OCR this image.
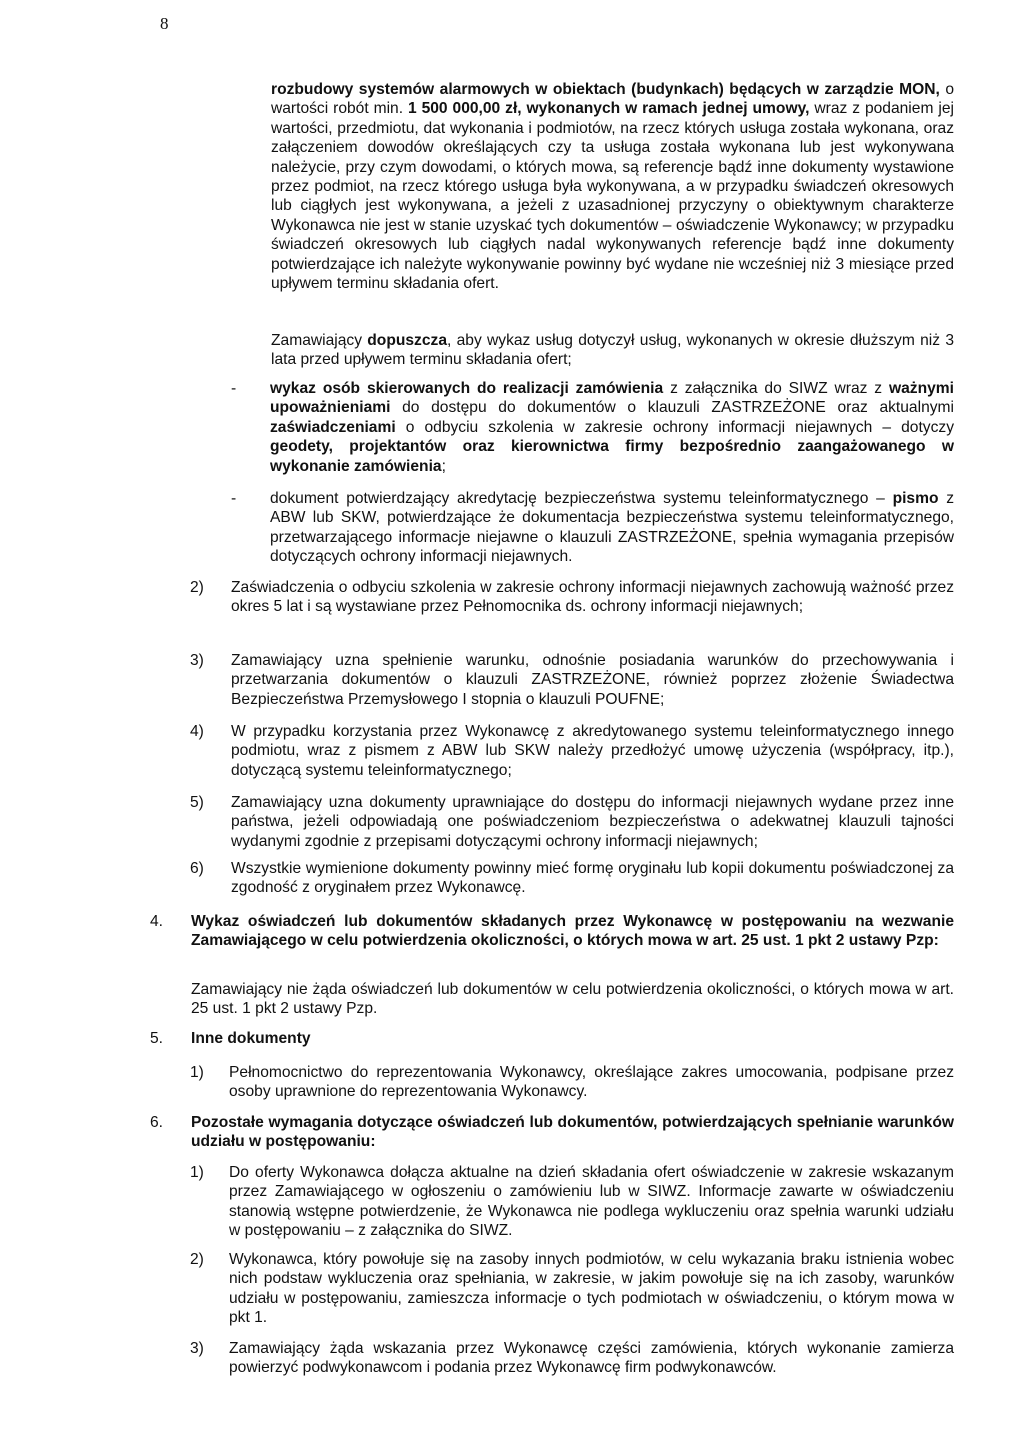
8

rozbudowy systemów alarmowych w obiektach (budynkach) będących w zarządzie MON, o wartości robót min. 1 500 000,00 zł, wykonanych w ramach jednej umowy, wraz z podaniem jej wartości, przedmiotu, dat wykonania i podmiotów, na rzecz których usługa została wykonana, oraz załączeniem dowodów określających czy ta usługa została wykonana lub jest wykonywana należycie, przy czym dowodami, o których mowa, są referencje bądź inne dokumenty wystawione przez podmiot, na rzecz którego usługa była wykonywana, a w przypadku świadczeń okresowych lub ciągłych jest wykonywana, a jeżeli z uzasadnionej przyczyny o obiektywnym charakterze Wykonawca nie jest w stanie uzyskać tych dokumentów – oświadczenie Wykonawcy; w przypadku świadczeń okresowych lub ciągłych nadal wykonywanych referencje bądź inne dokumenty potwierdzające ich należyte wykonywanie powinny być wydane nie wcześniej niż 3 miesiące przed upływem terminu składania ofert.

Zamawiający dopuszcza, aby wykaz usług dotyczył usług, wykonanych w okresie dłuższym niż 3 lata przed upływem terminu składania ofert;

- wykaz osób skierowanych do realizacji zamówienia z załącznika do SIWZ wraz z ważnymi upoważnieniami do dostępu do dokumentów o klauzuli ZASTRZEŻONE oraz aktualnymi zaświadczeniami o odbyciu szkolenia w zakresie ochrony informacji niejawnych – dotyczy geodety, projektantów oraz kierownictwa firmy bezpośrednio zaangażowanego w wykonanie zamówienia;

- dokument potwierdzający akredytację bezpieczeństwa systemu teleinformatycznego – pismo z ABW lub SKW, potwierdzające że dokumentacja bezpieczeństwa systemu teleinformatycznego, przetwarzającego informacje niejawne o klauzuli ZASTRZEŻONE, spełnia wymagania przepisów dotyczących ochrony informacji niejawnych.

2) Zaświadczenia o odbyciu szkolenia w zakresie ochrony informacji niejawnych zachowują ważność przez okres 5 lat i są wystawiane przez Pełnomocnika ds. ochrony informacji niejawnych;

3) Zamawiający uzna spełnienie warunku, odnośnie posiadania warunków do przechowywania i przetwarzania dokumentów o klauzuli ZASTRZEŻONE, również poprzez złożenie Świadectwa Bezpieczeństwa Przemysłowego I stopnia o klauzuli POUFNE;

4) W przypadku korzystania przez Wykonawcę z akredytowanego systemu teleinformatycznego innego podmiotu, wraz z pismem z ABW lub SKW należy przedłożyć umowę użyczenia (współpracy, itp.), dotyczącą systemu teleinformatycznego;

5) Zamawiający uzna dokumenty uprawniające do dostępu do informacji niejawnych wydane przez inne państwa, jeżeli odpowiadają one poświadczeniom bezpieczeństwa o adekwatnej klauzuli tajności wydanymi zgodnie z przepisami dotyczącymi ochrony informacji niejawnych;

6) Wszystkie wymienione dokumenty powinny mieć formę oryginału lub kopii dokumentu poświadczonej za zgodność z oryginałem przez Wykonawcę.

4. Wykaz oświadczeń lub dokumentów składanych przez Wykonawcę w postępowaniu na wezwanie Zamawiającego w celu potwierdzenia okoliczności, o których mowa w art. 25 ust. 1 pkt 2 ustawy Pzp:

Zamawiający nie żąda oświadczeń lub dokumentów w celu potwierdzenia okoliczności, o których mowa w art. 25 ust. 1 pkt 2 ustawy Pzp.

5. Inne dokumenty

1) Pełnomocnictwo do reprezentowania Wykonawcy, określające zakres umocowania, podpisane przez osoby uprawnione do reprezentowania Wykonawcy.

6. Pozostałe wymagania dotyczące oświadczeń lub dokumentów, potwierdzających spełnianie warunków udziału w postępowaniu:

1) Do oferty Wykonawca dołącza aktualne na dzień składania ofert oświadczenie w zakresie wskazanym przez Zamawiającego w ogłoszeniu o zamówieniu lub w SIWZ. Informacje zawarte w oświadczeniu stanowią wstępne potwierdzenie, że Wykonawca nie podlega wykluczeniu oraz spełnia warunki udziału w postępowaniu – z załącznika do SIWZ.

2) Wykonawca, który powołuje się na zasoby innych podmiotów, w celu wykazania braku istnienia wobec nich podstaw wykluczenia oraz spełniania, w zakresie, w jakim powołuje się na ich zasoby, warunków udziału w postępowaniu, zamieszcza informacje o tych podmiotach w oświadczeniu, o którym mowa w pkt 1.

3) Zamawiający żąda wskazania przez Wykonawcę części zamówienia, których wykonanie zamierza powierzyć podwykonawcom i podania przez Wykonawcę firm podwykonawców.
